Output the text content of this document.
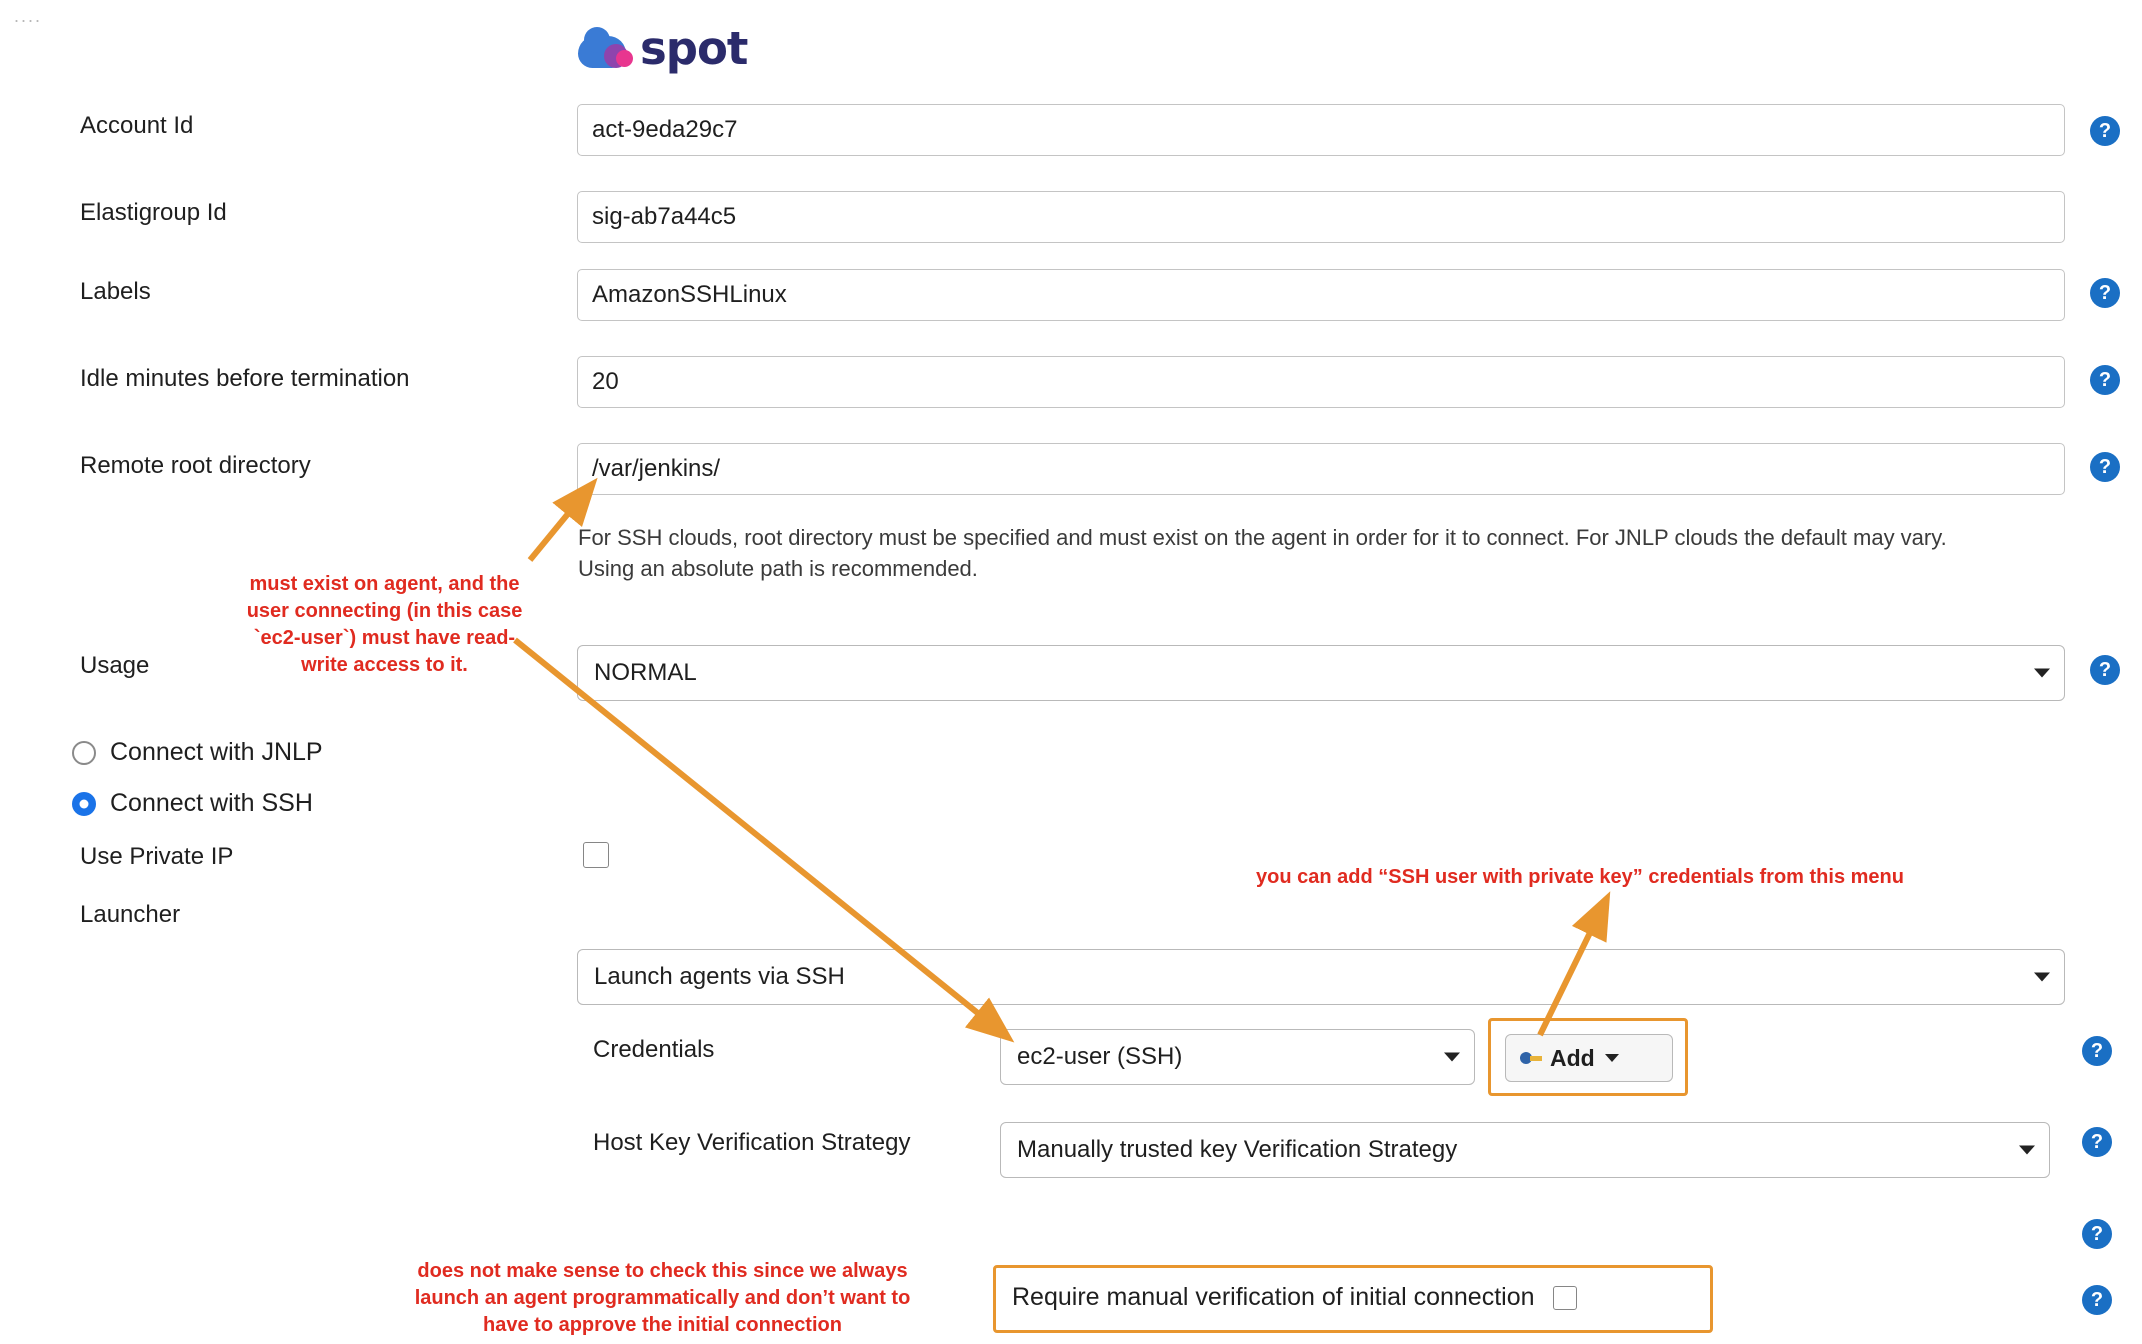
....
spot
Account Id	act-9eda29c7	?
Elastigroup Id	sig-ab7a44c5
Labels	AmazonSSHLinux	?
Idle minutes before termination	20	?
Remote root directory	/var/jenkins/	?
For SSH clouds, root directory must be specified and must exist on the agent in order for it to connect. For JNLP clouds the default may vary. Using an absolute path is recommended.
Usage	NORMAL	?
Connect with JNLP
Connect with SSH
Use Private IP
Launcher
Launch agents via SSH
Credentials	ec2-user (SSH)	Add	?
Host Key Verification Strategy	Manually trusted key Verification Strategy	?
?
?
Require manual verification of initial connection
must exist on agent, and the user connecting (in this case `ec2-user`) must have read-write access to it.
you can add “SSH user with private key” credentials from this menu
does not make sense to check this since we always launch an agent programmatically and don’t want to have to approve the initial connection
